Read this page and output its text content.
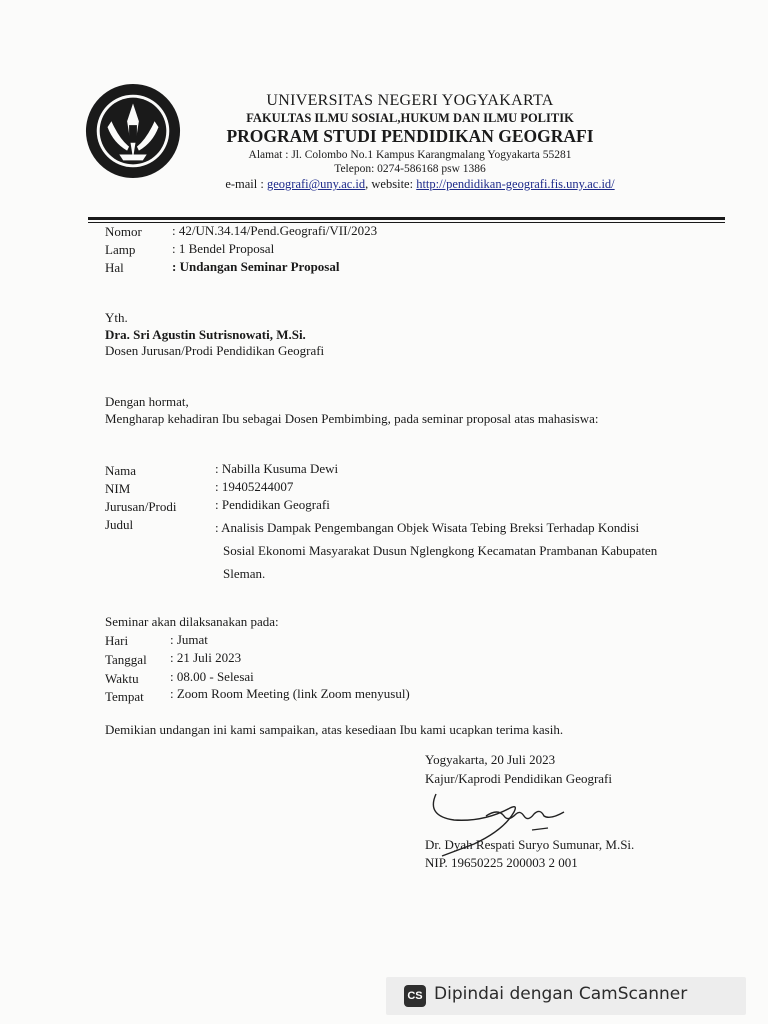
UNIVERSITAS NEGERI YOGYAKARTA
FAKULTAS ILMU SOSIAL,HUKUM DAN ILMU POLITIK
PROGRAM STUDI PENDIDIKAN GEOGRAFI
Alamat : Jl. Colombo No.1 Kampus Karangmalang Yogyakarta 55281
Telepon: 0274-586168 psw 1386
e-mail : geografi@uny.ac.id, website: http://pendidikan-geografi.fis.uny.ac.id/
Nomor : 42/UN.34.14/Pend.Geografi/VII/2023
Lamp	: 1 Bendel Proposal
Hal	: Undangan Seminar Proposal
Yth.
Dra. Sri Agustin Sutrisnowati, M.Si.
Dosen Jurusan/Prodi Pendidikan Geografi
Dengan hormat,
Mengharap kehadiran Ibu sebagai Dosen Pembimbing, pada seminar proposal atas mahasiswa:
Nama	: Nabilla Kusuma Dewi
NIM	: 19405244007
Jurusan/Prodi	: Pendidikan Geografi
Judul	: Analisis Dampak Pengembangan Objek Wisata Tebing Breksi Terhadap Kondisi
Sosial Ekonomi Masyarakat Dusun Nglengkong Kecamatan Prambanan Kabupaten
Sleman.
Seminar akan dilaksanakan pada:
Hari	: Jumat
Tanggal : 21 Juli 2023
Waktu : 08.00 - Selesai
Tempat : Zoom Room Meeting (link Zoom menyusul)
Demikian undangan ini kami sampaikan, atas kesediaan Ibu kami ucapkan terima kasih.
Yogyakarta, 20 Juli 2023
Kajur/Kaprodi Pendidikan Geografi
Dr. Dyah Respati Suryo Sumunar, M.Si.
NIP. 19650225 200003 2 001
CS Dipindai dengan CamScanner
